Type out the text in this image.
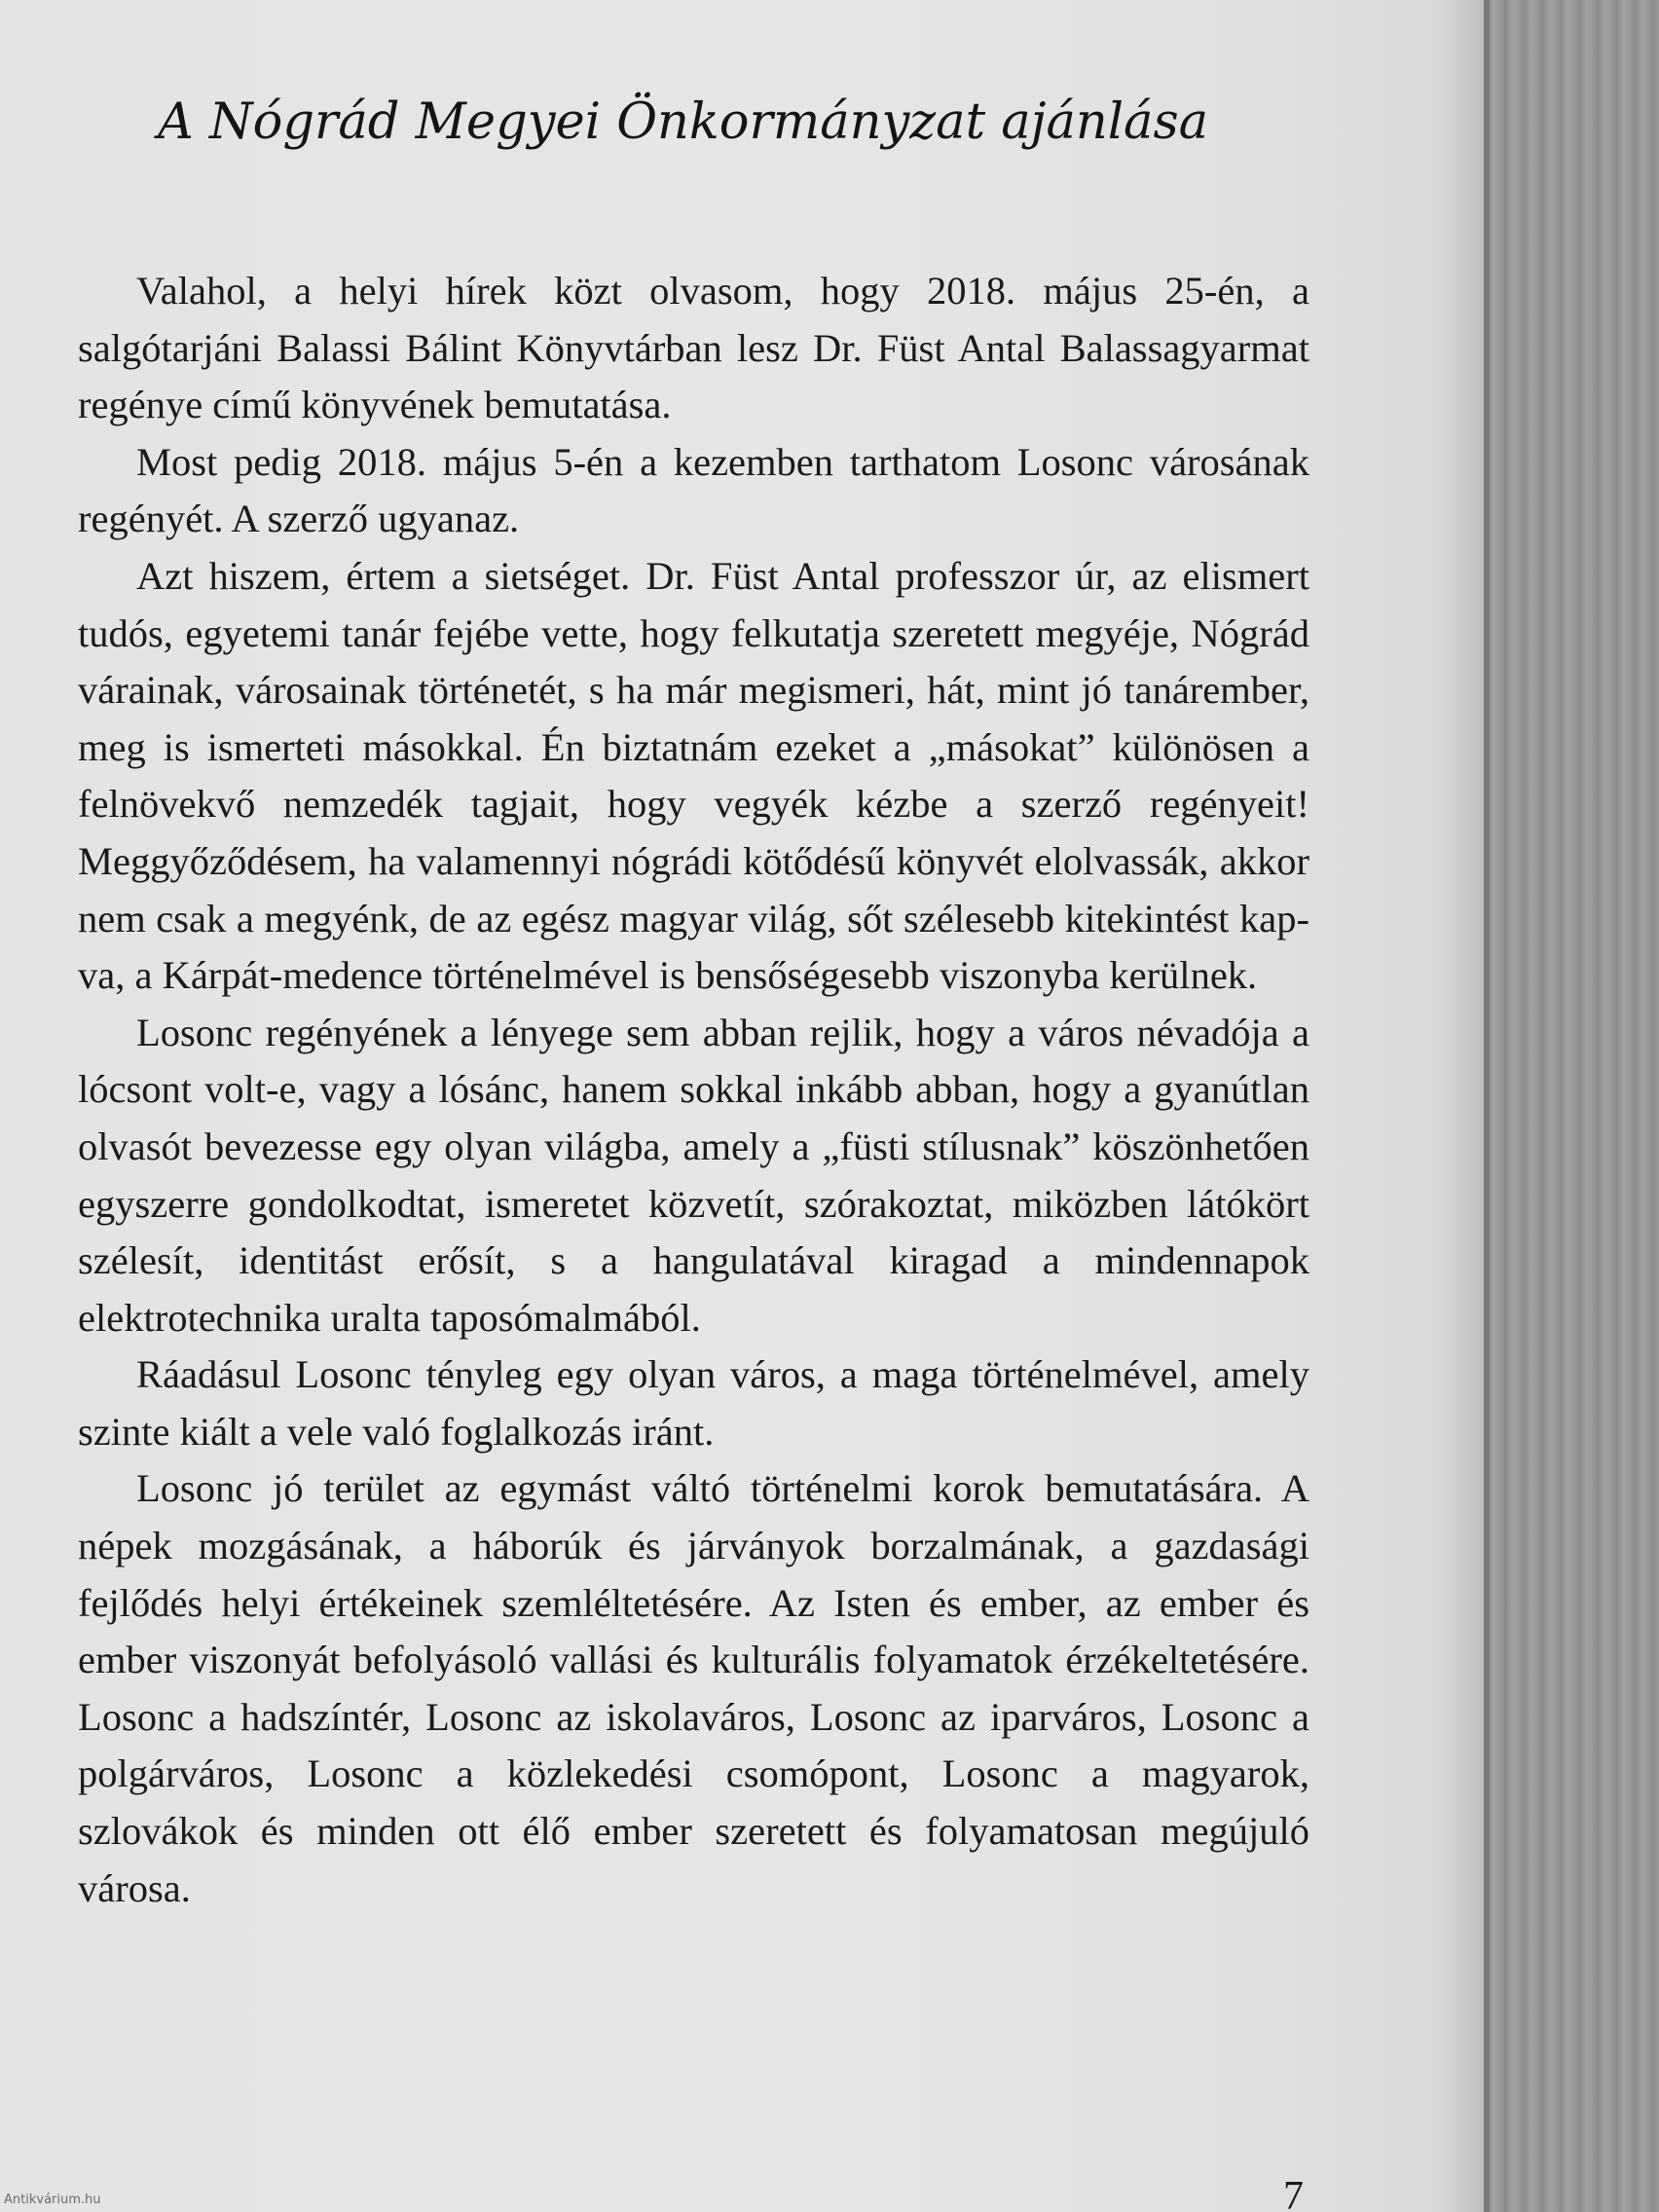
A Nógrád Megyei Önkormányzat ajánlása

Valahol, a helyi hírek közt olvasom, hogy 2018. május 25-én, a salgótarjáni Balassi Bálint Könyvtárban lesz Dr. Füst Antal Balassagyarmat regénye című könyvének bemutatása.

Most pedig 2018. május 5-én a kezemben tarthatom Losonc városának regényét. A szerző ugyanaz.

Azt hiszem, értem a sietséget. Dr. Füst Antal professzor úr, az elismert tudós, egyetemi tanár fejébe vette, hogy felkutatja szeretett megyéje, Nógrád várainak, városainak történetét, s ha már megismeri, hát, mint jó tanárember, meg is ismerteti másokkal. Én biztatnám ezeket a „másokat” különösen a felnövekvő nemzedék tagjait, hogy vegyék kézbe a szerző regényeit! Meggyőződésem, ha valamennyi nógrádi kötődésű könyvét elolvassák, akkor nem csak a megyénk, de az egész magyar világ, sőt szélesebb kitekintést kapva, a Kárpát-medence történelmével is bensőségesebb viszonyba kerülnek.

Losonc regényének a lényege sem abban rejlik, hogy a város névadója a lócsont volt-e, vagy a lósánc, hanem sokkal inkább abban, hogy a gyanútlan olvasót bevezesse egy olyan világba, amely a „füsti stílusnak” köszönhetően egyszerre gondolkodtat, ismeretet közvetít, szórakoztat, miközben látókört szélesít, identitást erősít, s a hangulatával kiragad a mindennapok elektrotechnika uralta taposómalmából.

Ráadásul Losonc tényleg egy olyan város, a maga történelmével, amely szinte kiált a vele való foglalkozás iránt.

Losonc jó terület az egymást váltó történelmi korok bemutatására. A népek mozgásának, a háborúk és járványok borzalmának, a gazdasági fejlődés helyi értékeinek szemléltetésére. Az Isten és ember, az ember és ember viszonyát befolyásoló vallási és kulturális folyamatok érzékeltetésére. Losonc a hadszíntér, Losonc az iskolaváros, Losonc az iparváros, Losonc a polgárváros, Losonc a közlekedési csomópont, Losonc a magyarok, szlovákok és minden ott élő ember szeretett és folyamatosan megújuló városa.

7
Antikvárium.hu
